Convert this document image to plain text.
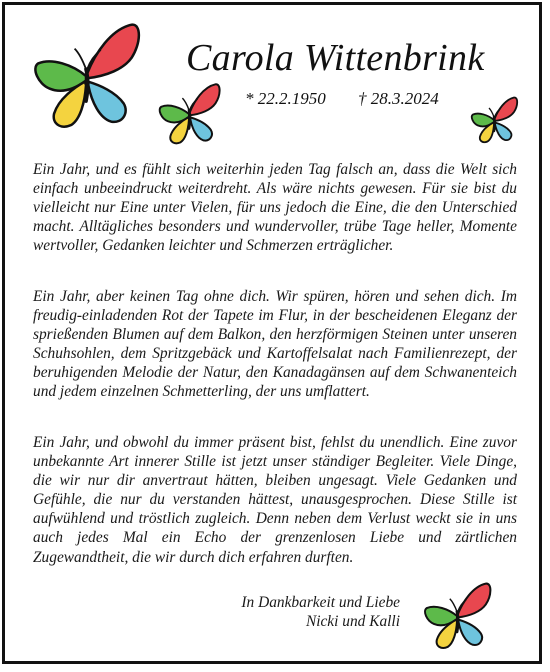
Carola Wittenbrink
* 22.2.1950 † 28.3.2024

Ein Jahr, und es fühlt sich weiterhin jeden Tag falsch an, dass die Welt sich einfach unbeeindruckt weiterdreht. Als wäre nichts gewesen. Für sie bist du vielleicht nur Eine unter Vielen, für uns jedoch die Eine, die den Unterschied macht. Alltägliches besonders und wundervoller, trübe Tage heller, Momente wertvoller, Gedanken leichter und Schmerzen erträglicher.

Ein Jahr, aber keinen Tag ohne dich. Wir spüren, hören und sehen dich. Im freudig-einladenden Rot der Tapete im Flur, in der bescheidenen Eleganz der sprießenden Blumen auf dem Balkon, den herzförmigen Steinen unter unseren Schuhsohlen, dem Spritzgebäck und Kartoffelsalat nach Familienrezept, der beruhigenden Melodie der Natur, den Kanadagänsen auf dem Schwanenteich und jedem einzelnen Schmetterling, der uns umflattert.

Ein Jahr, und obwohl du immer präsent bist, fehlst du unendlich. Eine zuvor unbekannte Art innerer Stille ist jetzt unser ständiger Begleiter. Viele Dinge, die wir nur dir anvertraut hätten, bleiben ungesagt. Viele Gedanken und Gefühle, die nur du verstanden hättest, unausgesprochen. Diese Stille ist aufwühlend und tröstlich zugleich. Denn neben dem Verlust weckt sie in uns auch jedes Mal ein Echo der grenzenlosen Liebe und zärtlichen Zugewandtheit, die wir durch dich erfahren durften.

In Dankbarkeit und Liebe
Nicki und Kalli
